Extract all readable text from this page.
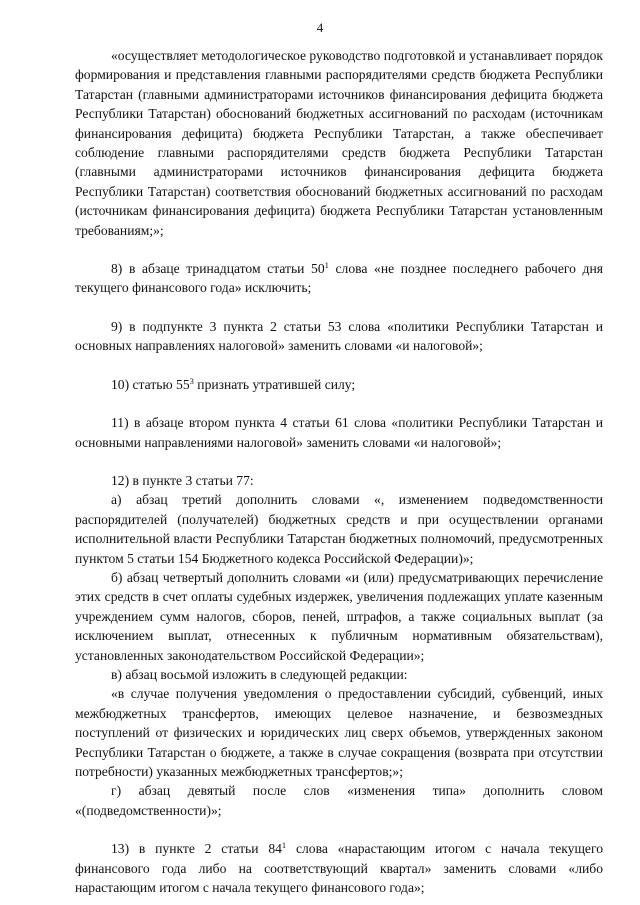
4

«осуществляет методологическое руководство подготовкой и устанавливает порядок формирования и представления главными распорядителями средств бюджета Республики Татарстан (главными администраторами источников финансирования дефицита бюджета Республики Татарстан) обоснований бюджетных ассигнований по расходам (источникам финансирования дефицита) бюджета Республики Татарстан, а также обеспечивает соблюдение главными распорядителями средств бюджета Республики Татарстан (главными администраторами источников финансирования дефицита бюджета Республики Татарстан) соответствия обоснований бюджетных ассигнований по расходам (источникам финансирования дефицита) бюджета Республики Татарстан установленным требованиям;»;

8) в абзаце тринадцатом статьи $50^1$ слова «не позднее последнего рабочего дня текущего финансового года» исключить;

9) в подпункте 3 пункта 2 статьи 53 слова «политики Республики Татарстан и основных направлениях налоговой» заменить словами «и налоговой»;

10) статью $55^3$ признать утратившей силу;

11) в абзаце втором пункта 4 статьи 61 слова «политики Республики Татарстан и основными направлениями налоговой» заменить словами «и налоговой»;

12) в пункте 3 статьи 77:

а) абзац третий дополнить словами «, изменением подведомственности распорядителей (получателей) бюджетных средств и при осуществлении органами исполнительной власти Республики Татарстан бюджетных полномочий, предусмотренных пунктом 5 статьи 154 Бюджетного кодекса Российской Федерации)»;

б) абзац четвертый дополнить словами «и (или) предусматривающих перечисление этих средств в счет оплаты судебных издержек, увеличения подлежащих уплате казенным учреждением сумм налогов, сборов, пеней, штрафов, а также социальных выплат (за исключением выплат, отнесенных к публичным нормативным обязательствам), установленных законодательством Российской Федерации»;

в) абзац восьмой изложить в следующей редакции:

«в случае получения уведомления о предоставлении субсидий, субвенций, иных межбюджетных трансфертов, имеющих целевое назначение, и безвозмездных поступлений от физических и юридических лиц сверх объемов, утвержденных законом Республики Татарстан о бюджете, а также в случае сокращения (возврата при отсутствии потребности) указанных межбюджетных трансфертов;»;

г) абзац девятый после слов «изменения типа» дополнить словом «(подведомственности)»;

13) в пункте 2 статьи $84^1$ слова «нарастающим итогом с начала текущего финансового года либо на соответствующий квартал» заменить словами «либо нарастающим итогом с начала текущего финансового года»;
